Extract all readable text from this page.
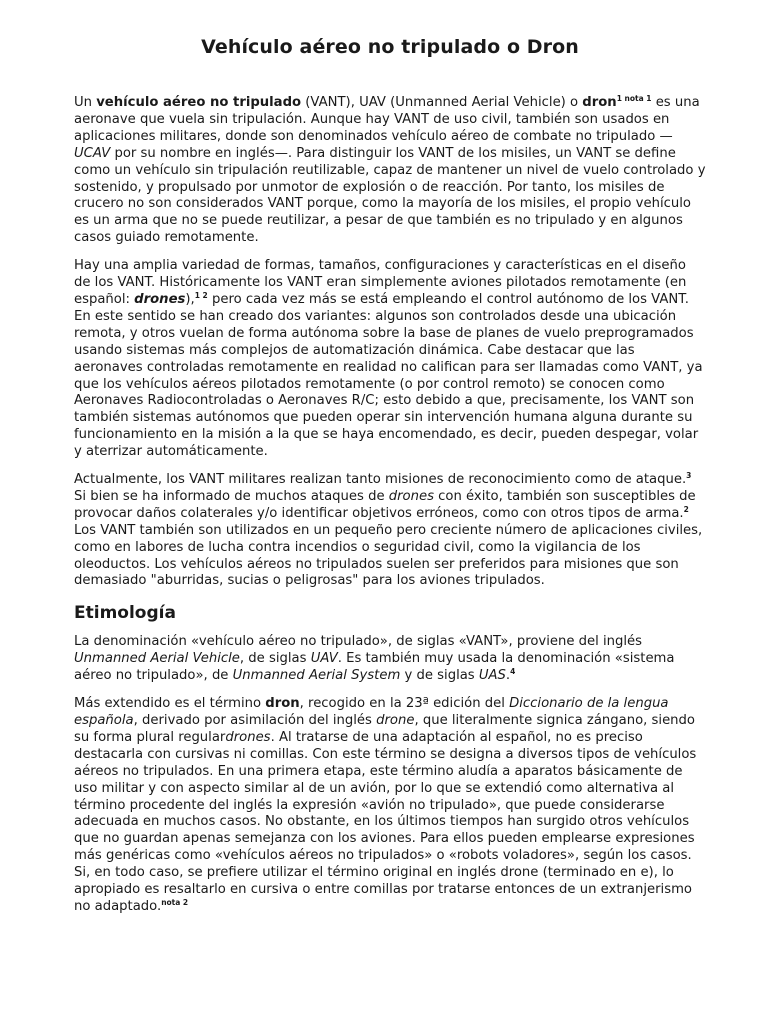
Vehículo aéreo no tripulado o Dron

Un vehículo aéreo no tripulado (VANT), UAV (Unmanned Aerial Vehicle) o dron$^{1 nota 1}$ es una aeronave que vuela sin tripulación. Aunque hay VANT de uso civil, también son usados en aplicaciones militares, donde son denominados vehículo aéreo de combate no tripulado —UCAV por su nombre en inglés—. Para distinguir los VANT de los misiles, un VANT se define como un vehículo sin tripulación reutilizable, capaz de mantener un nivel de vuelo controlado y sostenido, y propulsado por unmotor de explosión o de reacción. Por tanto, los misiles de crucero no son considerados VANT porque, como la mayoría de los misiles, el propio vehículo es un arma que no se puede reutilizar, a pesar de que también es no tripulado y en algunos casos guiado remotamente.

Hay una amplia variedad de formas, tamaños, configuraciones y características en el diseño de los VANT. Históricamente los VANT eran simplemente aviones pilotados remotamente (en español: drones),$^{1 2}$ pero cada vez más se está empleando el control autónomo de los VANT. En este sentido se han creado dos variantes: algunos son controlados desde una ubicación remota, y otros vuelan de forma autónoma sobre la base de planes de vuelo preprogramados usando sistemas más complejos de automatización dinámica. Cabe destacar que las aeronaves controladas remotamente en realidad no califican para ser llamadas como VANT, ya que los vehículos aéreos pilotados remotamente (o por control remoto) se conocen como Aeronaves Radiocontroladas o Aeronaves R/C; esto debido a que, precisamente, los VANT son también sistemas autónomos que pueden operar sin intervención humana alguna durante su funcionamiento en la misión a la que se haya encomendado, es decir, pueden despegar, volar y aterrizar automáticamente.

Actualmente, los VANT militares realizan tanto misiones de reconocimiento como de ataque.$^3$ Si bien se ha informado de muchos ataques de drones con éxito, también son susceptibles de provocar daños colaterales y/o identificar objetivos erróneos, como con otros tipos de arma.$^2$ Los VANT también son utilizados en un pequeño pero creciente número de aplicaciones civiles, como en labores de lucha contra incendios o seguridad civil, como la vigilancia de los oleoductos. Los vehículos aéreos no tripulados suelen ser preferidos para misiones que son demasiado "aburridas, sucias o peligrosas" para los aviones tripulados.

Etimología

La denominación «vehículo aéreo no tripulado», de siglas «VANT», proviene del inglés Unmanned Aerial Vehicle, de siglas UAV. Es también muy usada la denominación «sistema aéreo no tripulado», de Unmanned Aerial System y de siglas UAS.$^4$

Más extendido es el término dron, recogido en la 23ª edición del Diccionario de la lengua española, derivado por asimilación del inglés drone, que literalmente signica zángano, siendo su forma plural regulardrones. Al tratarse de una adaptación al español, no es preciso destacarla con cursivas ni comillas. Con este término se designa a diversos tipos de vehículos aéreos no tripulados. En una primera etapa, este término aludía a aparatos básicamente de uso militar y con aspecto similar al de un avión, por lo que se extendió como alternativa al término procedente del inglés la expresión «avión no tripulado», que puede considerarse adecuada en muchos casos. No obstante, en los últimos tiempos han surgido otros vehículos que no guardan apenas semejanza con los aviones. Para ellos pueden emplearse expresiones más genéricas como «vehículos aéreos no tripulados» o «robots voladores», según los casos. Si, en todo caso, se prefiere utilizar el término original en inglés drone (terminado en e), lo apropiado es resaltarlo en cursiva o entre comillas por tratarse entonces de un extranjerismo no adaptado.$^{nota 2}$
